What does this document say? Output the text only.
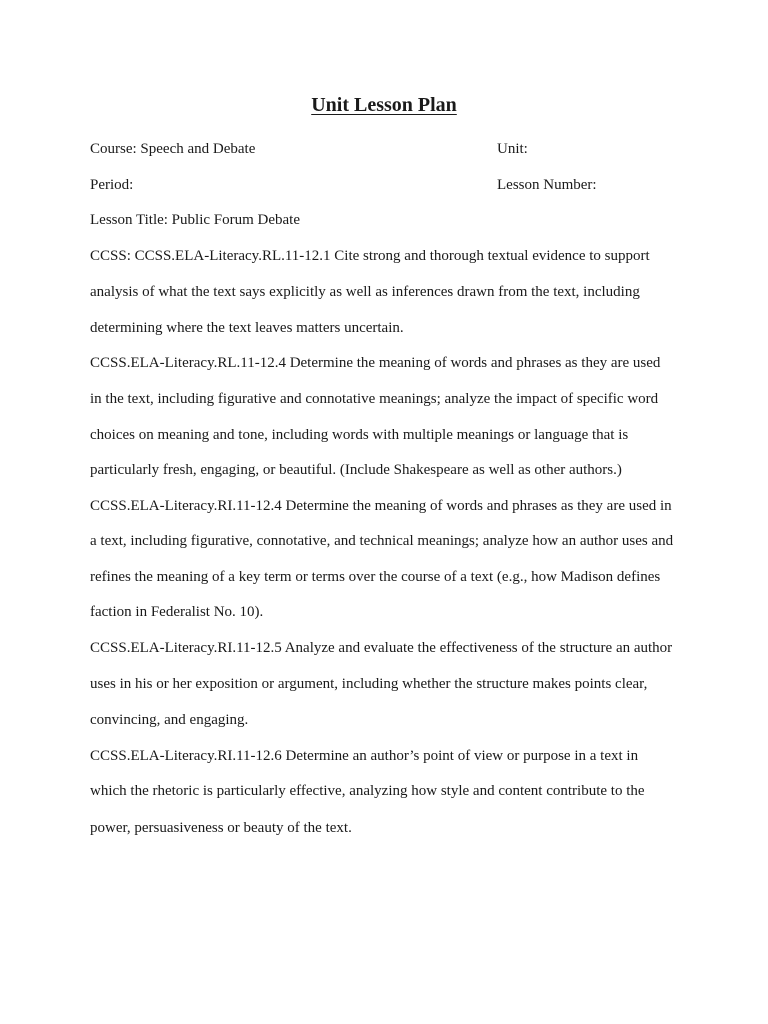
Unit Lesson Plan
Course: Speech and Debate	Unit:
Period:	Lesson Number:
Lesson Title: Public Forum Debate
CCSS: CCSS.ELA-Literacy.RL.11-12.1 Cite strong and thorough textual evidence to support
analysis of what the text says explicitly as well as inferences drawn from the text, including
determining where the text leaves matters uncertain.
CCSS.ELA-Literacy.RL.11-12.4 Determine the meaning of words and phrases as they are used
in the text, including figurative and connotative meanings; analyze the impact of specific word
choices on meaning and tone, including words with multiple meanings or language that is
particularly fresh, engaging, or beautiful. (Include Shakespeare as well as other authors.)
CCSS.ELA-Literacy.RI.11-12.4 Determine the meaning of words and phrases as they are used in
a text, including figurative, connotative, and technical meanings; analyze how an author uses and
refines the meaning of a key term or terms over the course of a text (e.g., how Madison defines
faction in Federalist No. 10).
CCSS.ELA-Literacy.RI.11-12.5 Analyze and evaluate the effectiveness of the structure an author
uses in his or her exposition or argument, including whether the structure makes points clear,
convincing, and engaging.
CCSS.ELA-Literacy.RI.11-12.6 Determine an author’s point of view or purpose in a text in
which the rhetoric is particularly effective, analyzing how style and content contribute to the
power, persuasiveness or beauty of the text.
